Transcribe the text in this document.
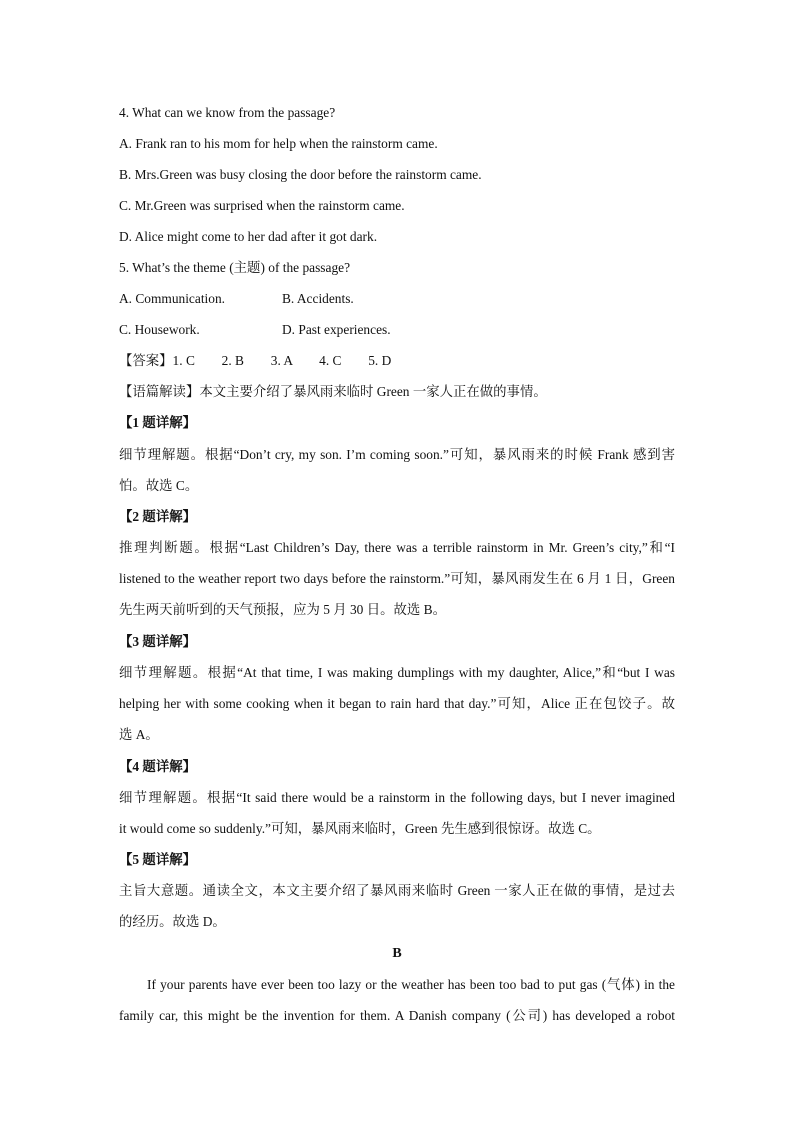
4. What can we know from the passage?
A. Frank ran to his mom for help when the rainstorm came.
B. Mrs.Green was busy closing the door before the rainstorm came.
C. Mr.Green was surprised when the rainstorm came.
D. Alice might come to her dad after it got dark.
5. What’s the theme (主题) of the passage?
A. Communication.	B. Accidents.
C. Housework.	D. Past experiences.
【答案】1. C        2. B        3. A        4. C        5. D
【语篇解读】本文主要介绍了暴风雨来临时 Green 一家人正在做的事情。
【1 题详解】
细节理解题。根据“Don’t cry, my son. I’m coming soon.”可知，暴风雨来的时候 Frank 感到害
怕。故选 C。
【2 题详解】
推理判断题。根据“Last Children’s Day, there was a terrible rainstorm in Mr. Green’s city,”和“I
listened to the weather report two days before the rainstorm.”可知，暴风雨发生在 6 月 1 日，Green
先生两天前听到的天气预报，应为 5 月 30 日。故选 B。
【3 题详解】
细节理解题。根据“At that time, I was making dumplings with my daughter, Alice,”和“but I was
helping her with some cooking when it began to rain hard that day.”可知，Alice 正在包饺子。故
选 A。
【4 题详解】
细节理解题。根据“It said there would be a rainstorm in the following days, but I never imagined
it would come so suddenly.”可知，暴风雨来临时，Green 先生感到很惊讶。故选 C。
【5 题详解】
主旨大意题。通读全文，本文主要介绍了暴风雨来临时 Green 一家人正在做的事情，是过去
的经历。故选 D。
B
If your parents have ever been too lazy or the weather has been too bad to put gas (气体) in the
family car, this might be the invention for them. A Danish company (公司) has developed a robot
